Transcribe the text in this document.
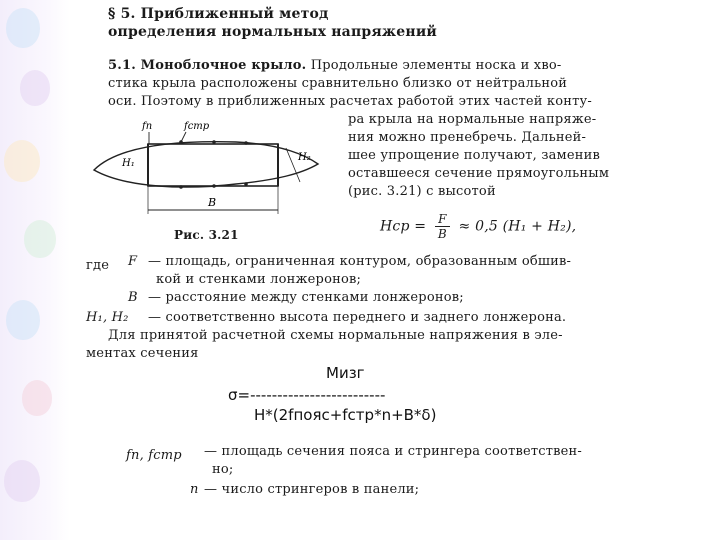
§ 5. Приближенный метод
определения нормальных напряжений
5.1. Моноблочное крыло. Продольные элементы носка и хво-
стика крыла расположены сравнительно близко от нейтральной
оси. Поэтому в приближенных расчетах работой этих частей конту-
ра крыла на нормальные напряже-
ния можно пренебречь. Дальней-
шее упрощение получают, заменив
оставшееся сечение прямоугольным
(рис. 3.21) с высотой
fп	fстр
H₁
H₂
B
Рис. 3.21
Hср = $\frac{F}{B} \approx 0,5$ (H₁ + H₂),
где F — площадь, ограниченная контуром, образованным обшив-
кой и стенками лонжеронов;
B — расстояние между стенками лонжеронов;
H₁, H₂ — соответственно высота переднего и заднего лонжерона.
Для принятой расчетной схемы нормальные напряжения в эле-
ментах сечения
Мизг
σ=-------------------------
H*(2fпояс+fстр*n+B*δ)
fп, fстр — площадь сечения пояса и стрингера соответствен-
но;
n — число стрингеров в панели;
